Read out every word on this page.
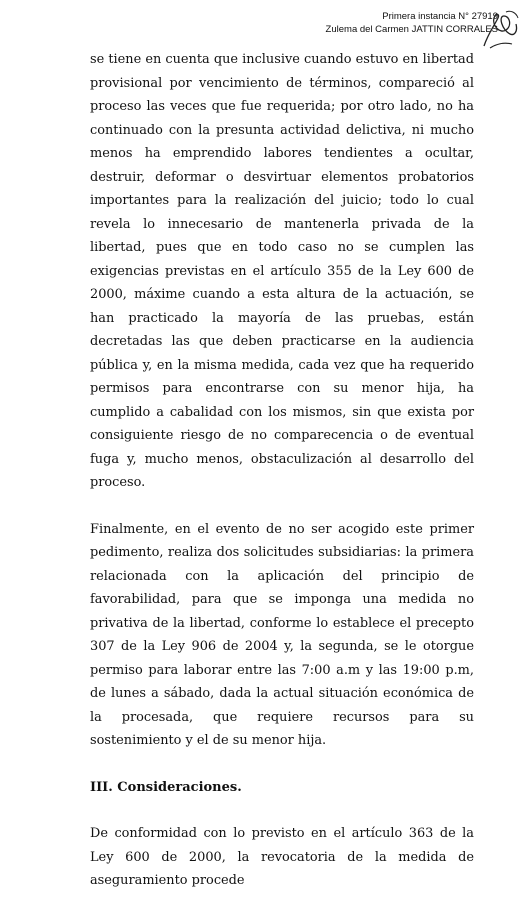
Primera instancia N° 27919
Zulema del Carmen JATTIN CORRALES

se tiene en cuenta que inclusive cuando estuvo en libertad provisional por vencimiento de términos, compareció al proceso las veces que fue requerida; por otro lado, no ha continuado con la presunta actividad delictiva, ni mucho menos ha emprendido labores tendientes a ocultar, destruir, deformar o desvirtuar elementos probatorios importantes para la realización del juicio; todo lo cual revela lo innecesario de mantenerla privada de la libertad, pues que en todo caso no se cumplen las exigencias previstas en el artículo 355 de la Ley 600 de 2000, máxime cuando a esta altura de la actuación, se han practicado la mayoría de las pruebas, están decretadas las que deben practicarse en la audiencia pública y, en la misma medida, cada vez que ha requerido permisos para encontrarse con su menor hija, ha cumplido a cabalidad con los mismos, sin que exista por consiguiente riesgo de no comparecencia o de eventual fuga y, mucho menos, obstaculización al desarrollo del proceso.

Finalmente, en el evento de no ser acogido este primer pedimento, realiza dos solicitudes subsidiarias: la primera relacionada con la aplicación del principio de favorabilidad, para que se imponga una medida no privativa de la libertad, conforme lo establece el precepto 307 de la Ley 906 de 2004 y, la segunda, se le otorgue permiso para laborar entre las 7:00 a.m y las 19:00 p.m, de lunes a sábado, dada la actual situación económica de la procesada, que requiere recursos para su sostenimiento y el de su menor hija.

III. Consideraciones.

De conformidad con lo previsto en el artículo 363 de la Ley 600 de 2000, la revocatoria de la medida de aseguramiento procede
